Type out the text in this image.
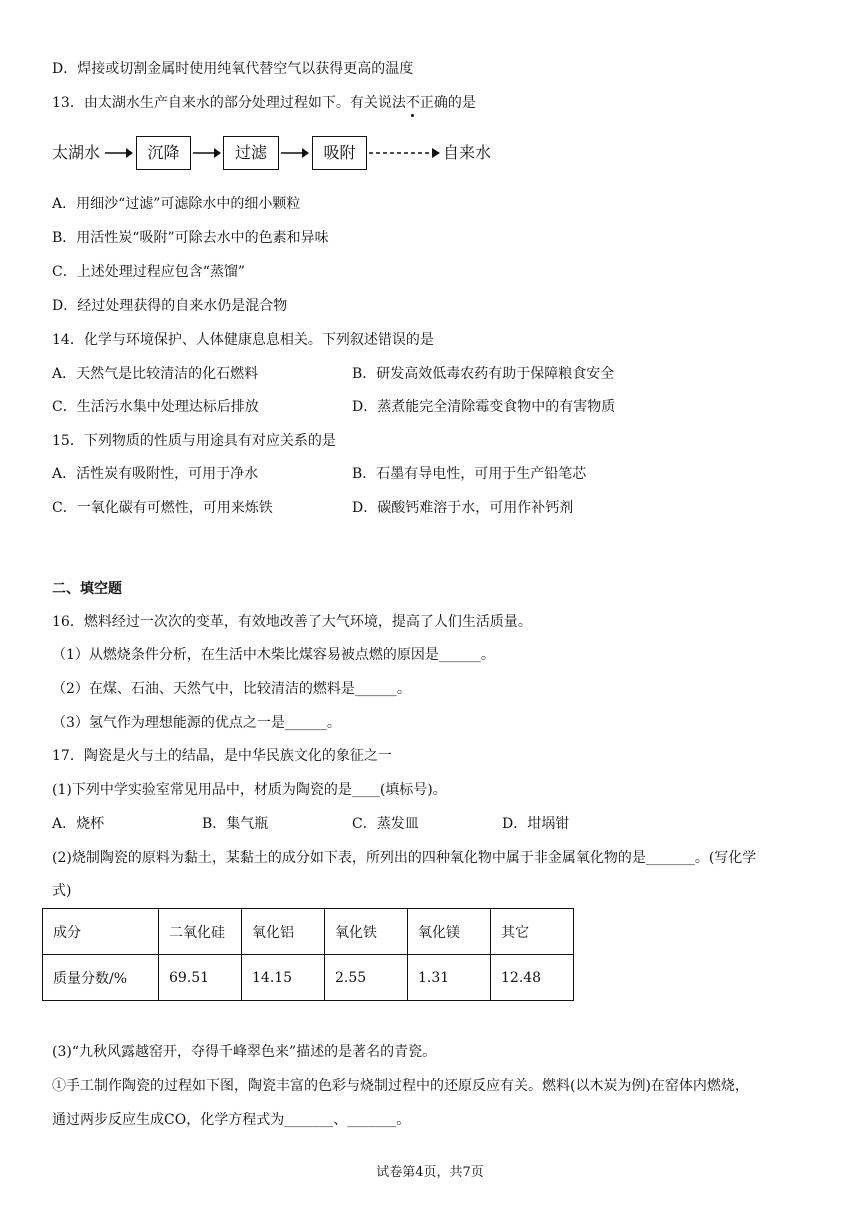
D．焊接或切割金属时使用纯氧代替空气以获得更高的温度
13．由太湖水生产自来水的部分处理过程如下。有关说法不正确的是
太湖水	沉降	过滤	吸附	自来水
A．用细沙“过滤”可滤除水中的细小颗粒
B．用活性炭“吸附”可除去水中的色素和异味
C．上述处理过程应包含“蒸馏”
D．经过处理获得的自来水仍是混合物
14．化学与环境保护、人体健康息息相关。下列叙述错误的是
A．天然气是比较清洁的化石燃料	B．研发高效低毒农药有助于保障粮食安全
C．生活污水集中处理达标后排放	D．蒸煮能完全清除霉变食物中的有害物质
15．下列物质的性质与用途具有对应关系的是
A．活性炭有吸附性，可用于净水	B．石墨有导电性，可用于生产铅笔芯
C．一氧化碳有可燃性，可用来炼铁	D．碳酸钙难溶于水，可用作补钙剂
二、填空题
16．燃料经过一次次的变革，有效地改善了大气环境，提高了人们生活质量。
（1）从燃烧条件分析，在生活中木柴比煤容易被点燃的原因是______。
（2）在煤、石油、天然气中，比较清洁的燃料是______。
（3）氢气作为理想能源的优点之一是______。
17．陶瓷是火与土的结晶，是中华民族文化的象征之一
(1)下列中学实验室常见用品中，材质为陶瓷的是____(填标号)。
A．烧杯	B．集气瓶	C．蒸发皿	D．坩埚钳
(2)烧制陶瓷的原料为黏土，某黏土的成分如下表，所列出的四种氧化物中属于非金属氧化物的是_______。(写化学
式)
成分	二氧化硅	氧化铝	氧化铁	氧化镁	其它
质量分数/%	69.51	14.15	2.55	1.31	12.48
(3)“九秋风露越窑开，夺得千峰翠色来”描述的是著名的青瓷。
①手工制作陶瓷的过程如下图，陶瓷丰富的色彩与烧制过程中的还原反应有关。燃料(以木炭为例)在窑体内燃烧，
通过两步反应生成CO，化学方程式为_______、_______。
试卷第4页，共7页
